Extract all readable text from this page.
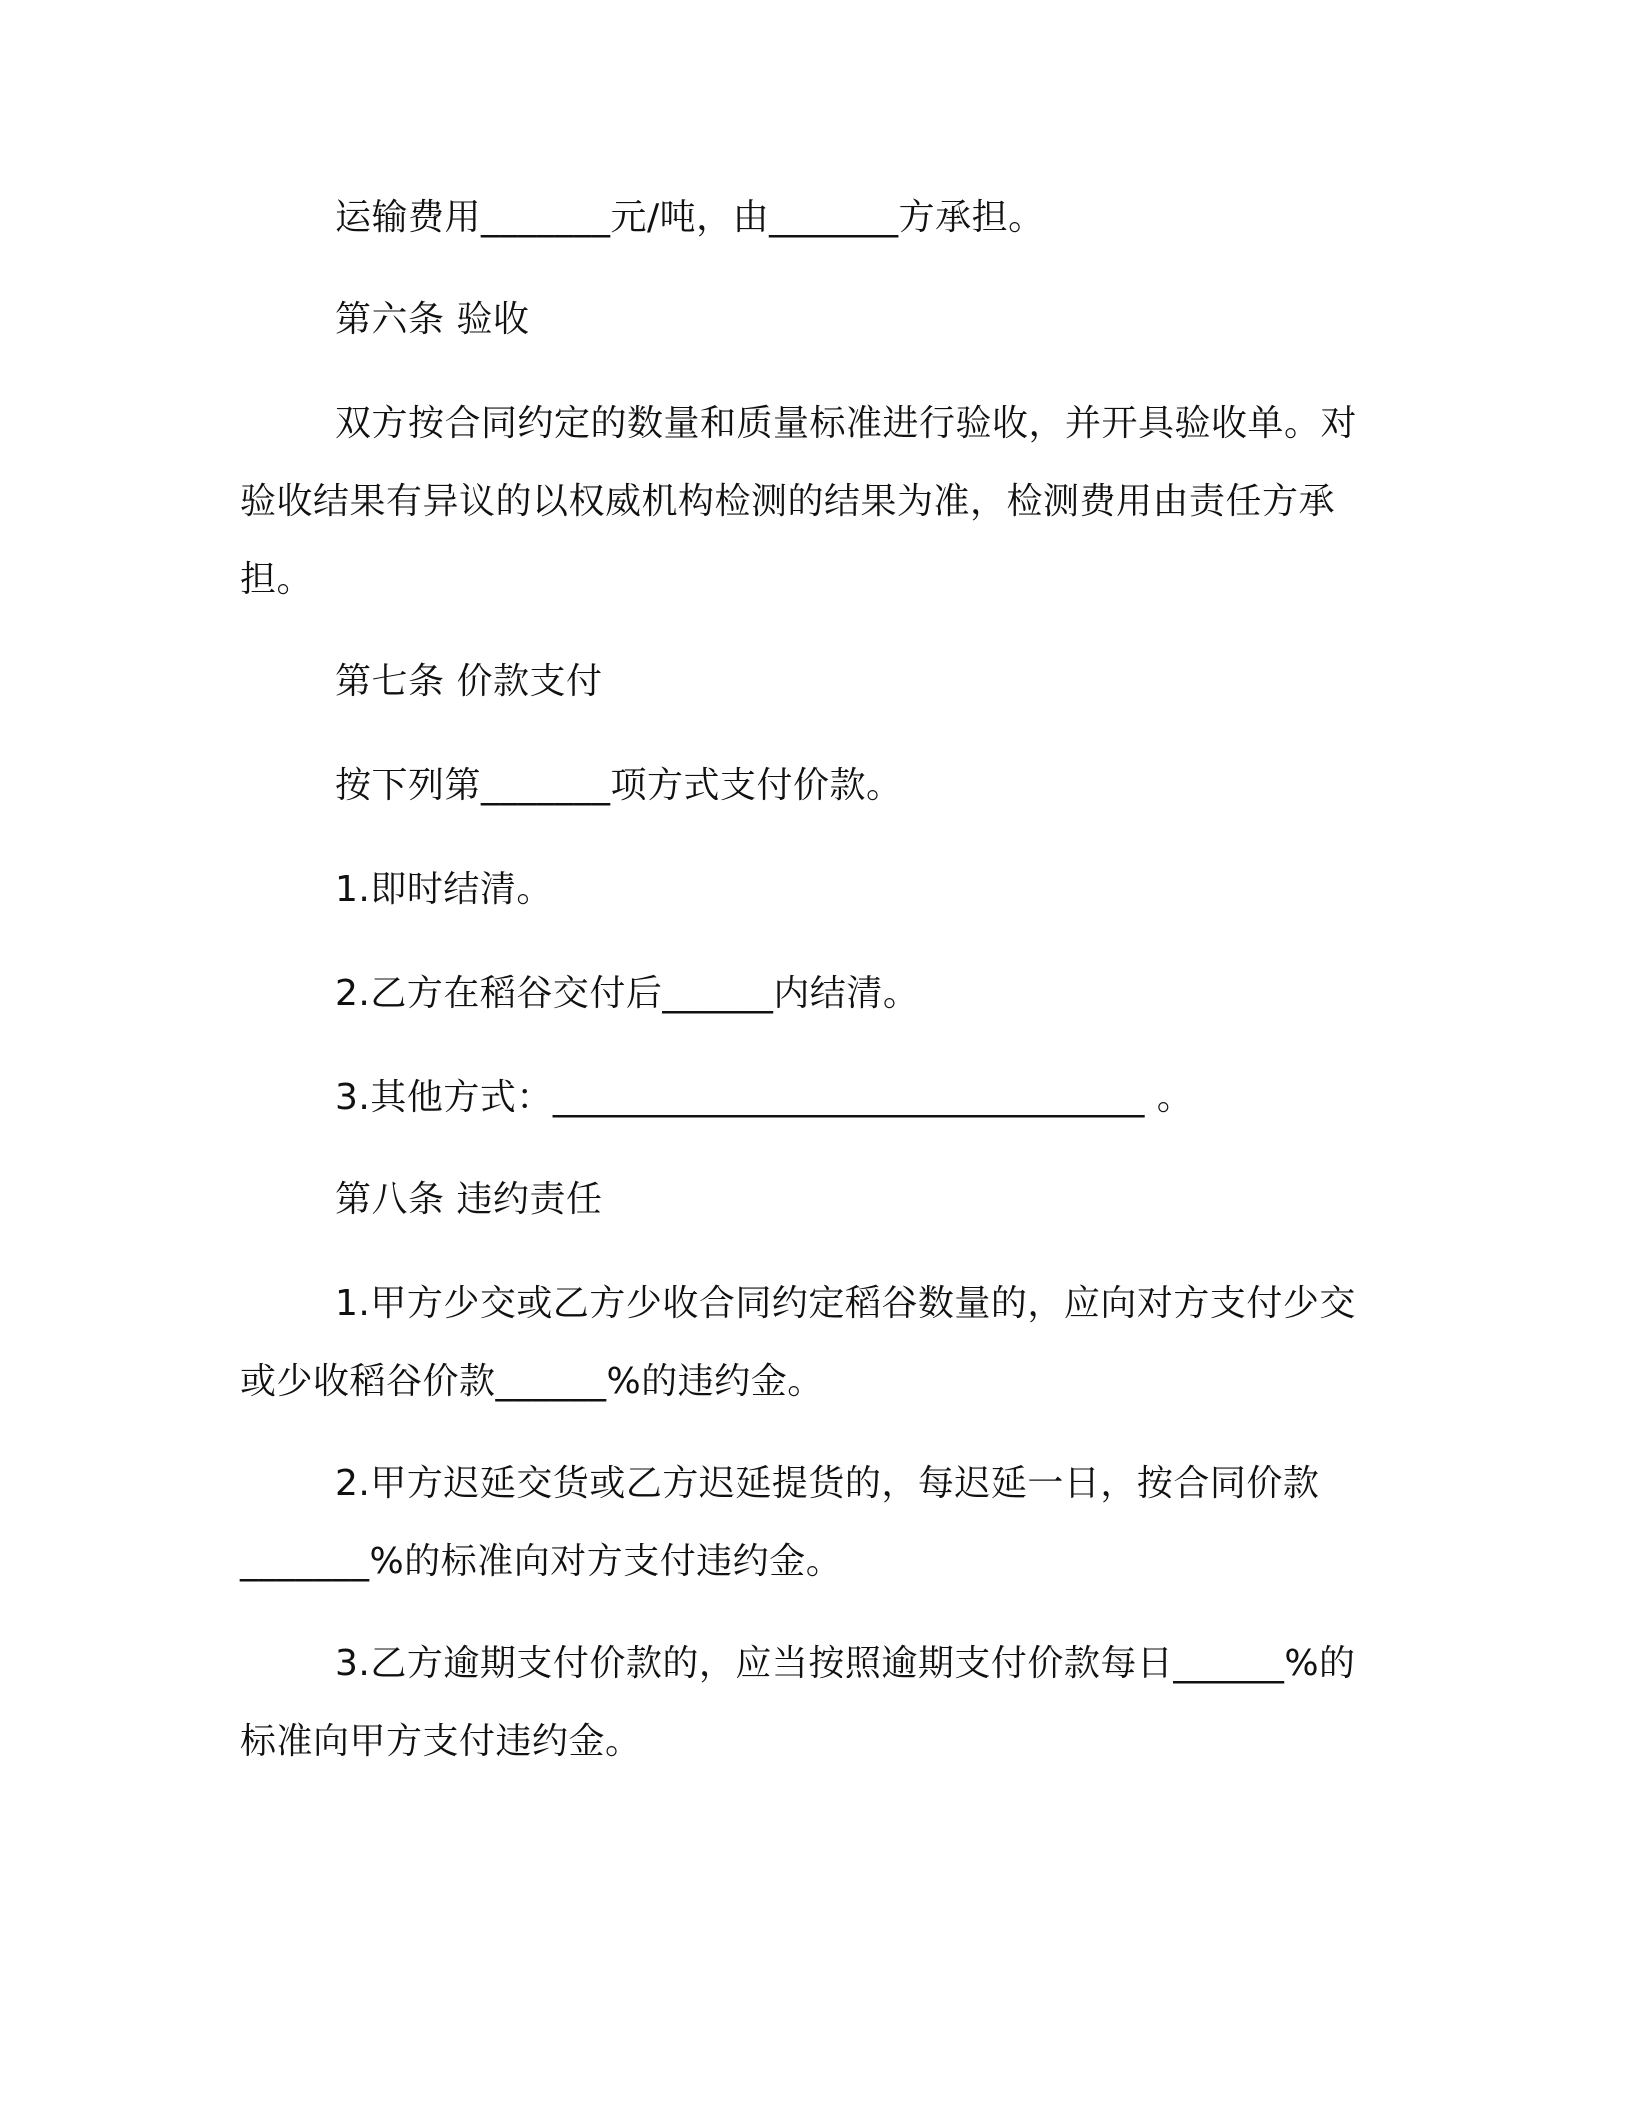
运输费用_______元/吨，由_______方承担。
第六条 验收
双方按合同约定的数量和质量标准进行验收，并开具验收单。对
验收结果有异议的以权威机构检测的结果为准，检测费用由责任方承
担。
第七条 价款支付
按下列第_______项方式支付价款。
1.即时结清。
2.乙方在稻谷交付后______内结清。
3.其他方式：________________________________ 。
第八条 违约责任
1.甲方少交或乙方少收合同约定稻谷数量的，应向对方支付少交
或少收稻谷价款______%的违约金。
2.甲方迟延交货或乙方迟延提货的，每迟延一日，按合同价款
_______%的标准向对方支付违约金。
3.乙方逾期支付价款的，应当按照逾期支付价款每日______%的
标准向甲方支付违约金。
